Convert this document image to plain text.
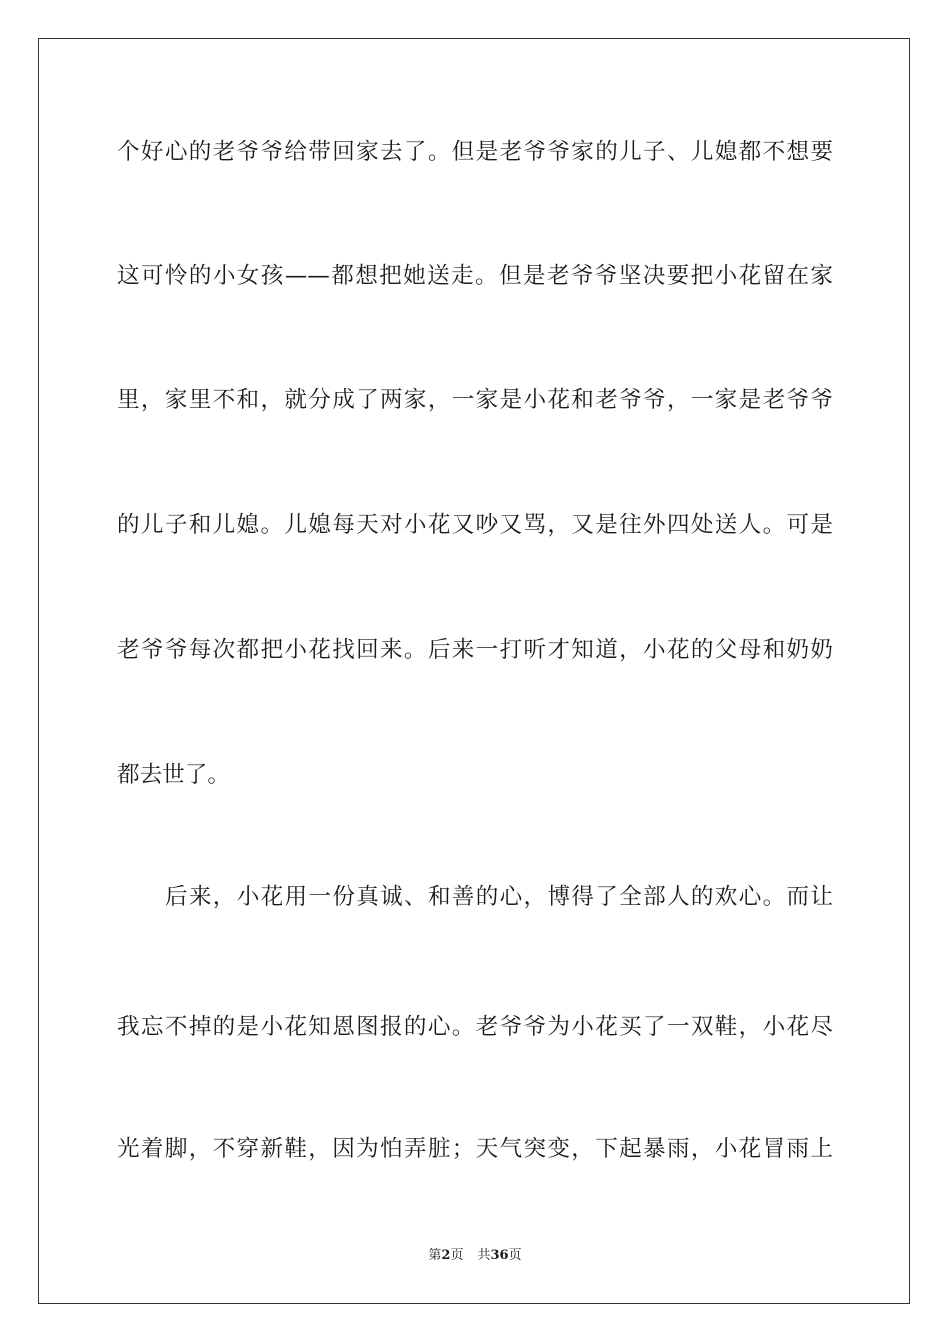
个好心的老爷爷给带回家去了。但是老爷爷家的儿子、儿媳都不想要
这可怜的小女孩——都想把她送走。但是老爷爷坚决要把小花留在家
里，家里不和，就分成了两家，一家是小花和老爷爷，一家是老爷爷
的儿子和儿媳。儿媳每天对小花又吵又骂，又是往外四处送人。可是
老爷爷每次都把小花找回来。后来一打听才知道，小花的父母和奶奶
都去世了。
后来，小花用一份真诚、和善的心，博得了全部人的欢心。而让
我忘不掉的是小花知恩图报的心。老爷爷为小花买了一双鞋，小花尽
光着脚，不穿新鞋，因为怕弄脏；天气突变，下起暴雨，小花冒雨上
第2页 共36页
